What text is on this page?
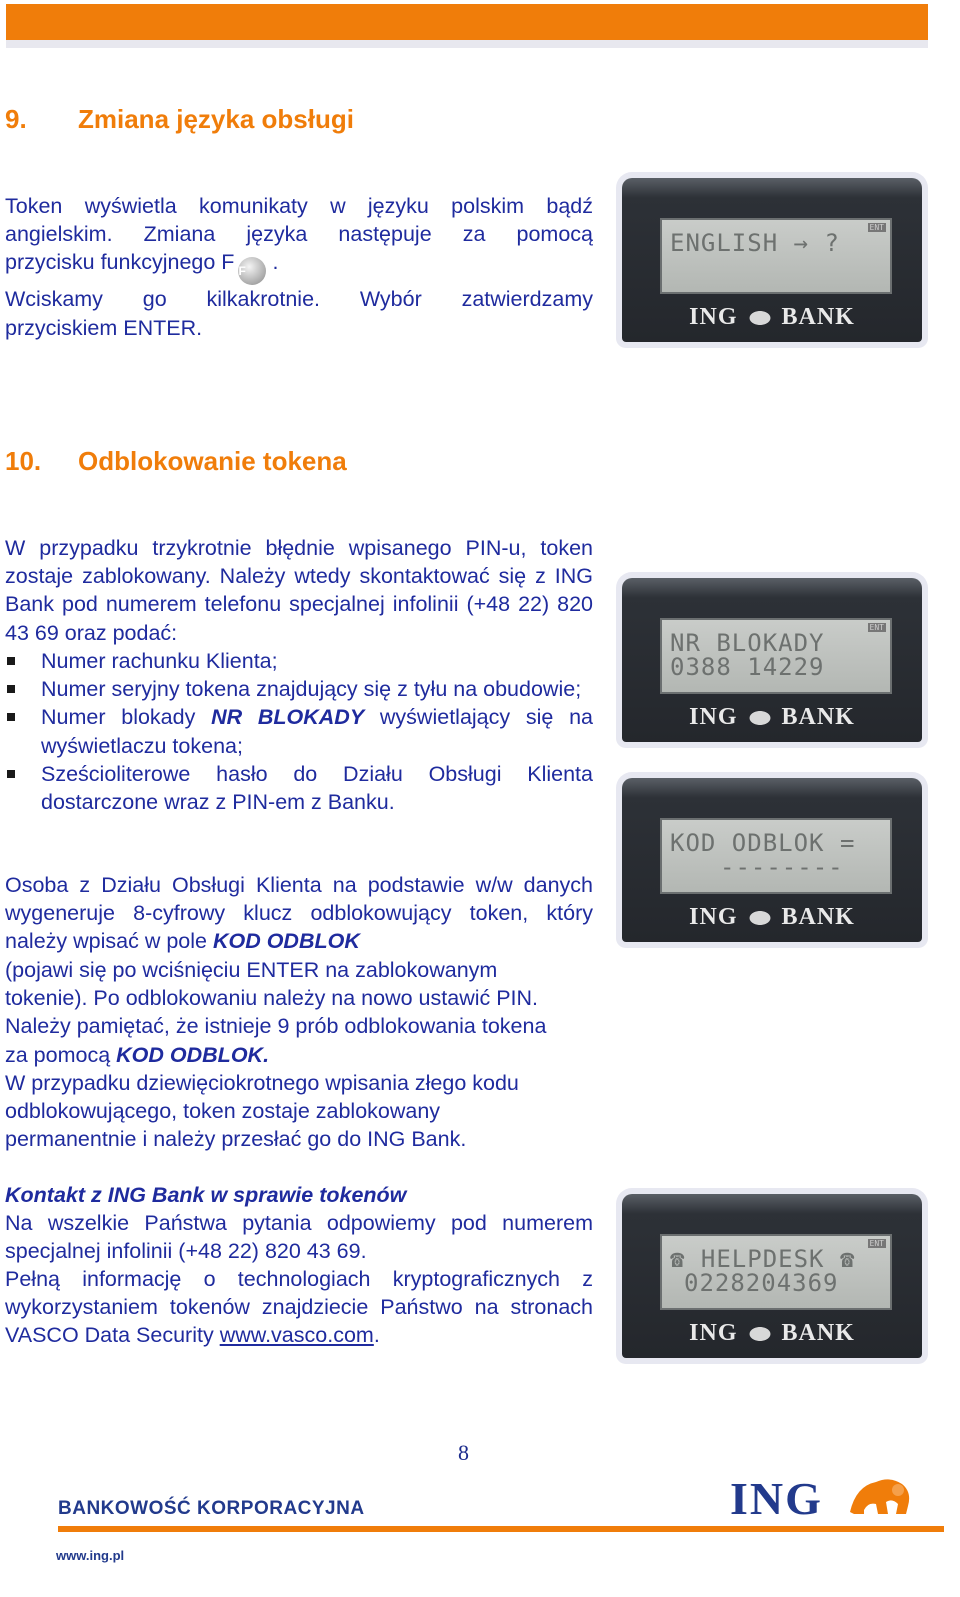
9. Zmiana języka obsługi
Token wyświetla komunikaty w języku polskim bądź
angielskim. Zmiana języka następuje za pomocą
przycisku funkcyjnego F F .
Wciskamy go kilkakrotnie. Wybór zatwierdzamy
przyciskiem ENTER.
ENT
ENGLISH → ?
ING BANK
10. Odblokowanie tokena
W przypadku trzykrotnie błędnie wpisanego PIN-u, token zostaje zablokowany. Należy wtedy skontaktować się z ING Bank pod numerem telefonu specjalnej infolinii (+48 22) 820 43 69 oraz podać:
Numer rachunku Klienta;
Numer seryjny tokena znajdujący się z tyłu na obudowie;
Numer blokady NR BLOKADY wyświetlający się na wyświetlaczu tokena;
Sześcioliterowe hasło do Działu Obsługi Klienta dostarczone wraz z PIN-em z Banku.
ENT
NR BLOKADY
0388 14229
ING BANK
KOD ODBLOK =
--------
ING BANK
Osoba z Działu Obsługi Klienta na podstawie w/w danych wygeneruje 8-cyfrowy klucz odblokowujący token, który należy wpisać w pole KOD ODBLOK
(pojawi się po wciśnięciu ENTER na zablokowanym
tokenie). Po odblokowaniu należy na nowo ustawić PIN.
Należy pamiętać, że istnieje 9 prób odblokowania tokena
za pomocą KOD ODBLOK.
W przypadku dziewięciokrotnego wpisania złego kodu
odblokowującego, token zostaje zablokowany
permanentnie i należy przesłać go do ING Bank.
Kontakt z ING Bank w sprawie tokenów
Na wszelkie Państwa pytania odpowiemy pod numerem specjalnej infolinii (+48 22) 820 43 69.
Pełną informację o technologiach kryptograficznych z wykorzystaniem tokenów znajdziecie Państwo na stronach VASCO Data Security www.vasco.com.
ENT
☎ HELPDESK ☎
0228204369
ING BANK
8
BANKOWOŚĆ KORPORACYJNA	ING
www.ing.pl
